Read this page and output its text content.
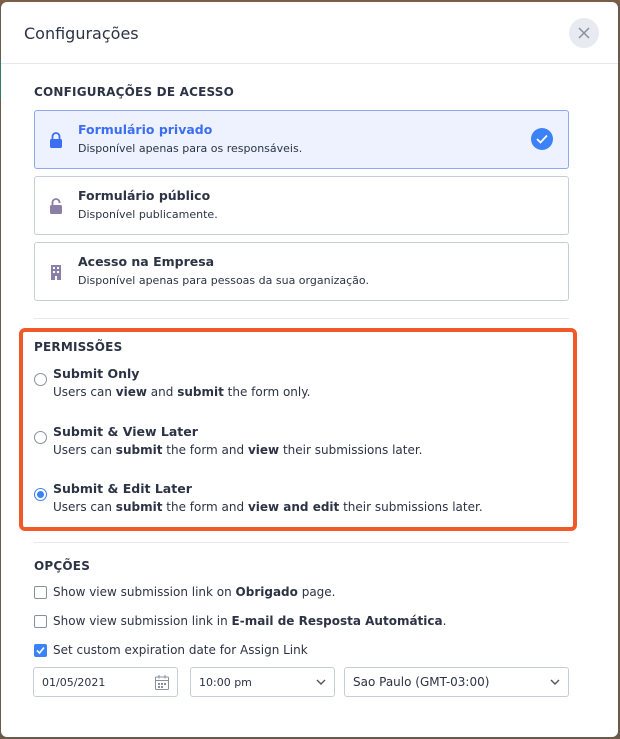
Configurações
CONFIGURAÇÕES DE ACESSO
Formulário privado
Disponível apenas para os responsáveis.
Formulário público
Disponível publicamente.
Acesso na Empresa
Disponível apenas para pessoas da sua organização.
PERMISSÕES
Submit Only
Users can view and submit the form only.
Submit & View Later
Users can submit the form and view their submissions later.
Submit & Edit Later
Users can submit the form and view and edit their submissions later.
OPÇÕES
Show view submission link on Obrigado page.
Show view submission link in E-mail de Resposta Automática.
Set custom expiration date for Assign Link
01/05/2021	10:00 pm	Sao Paulo (GMT-03:00)
